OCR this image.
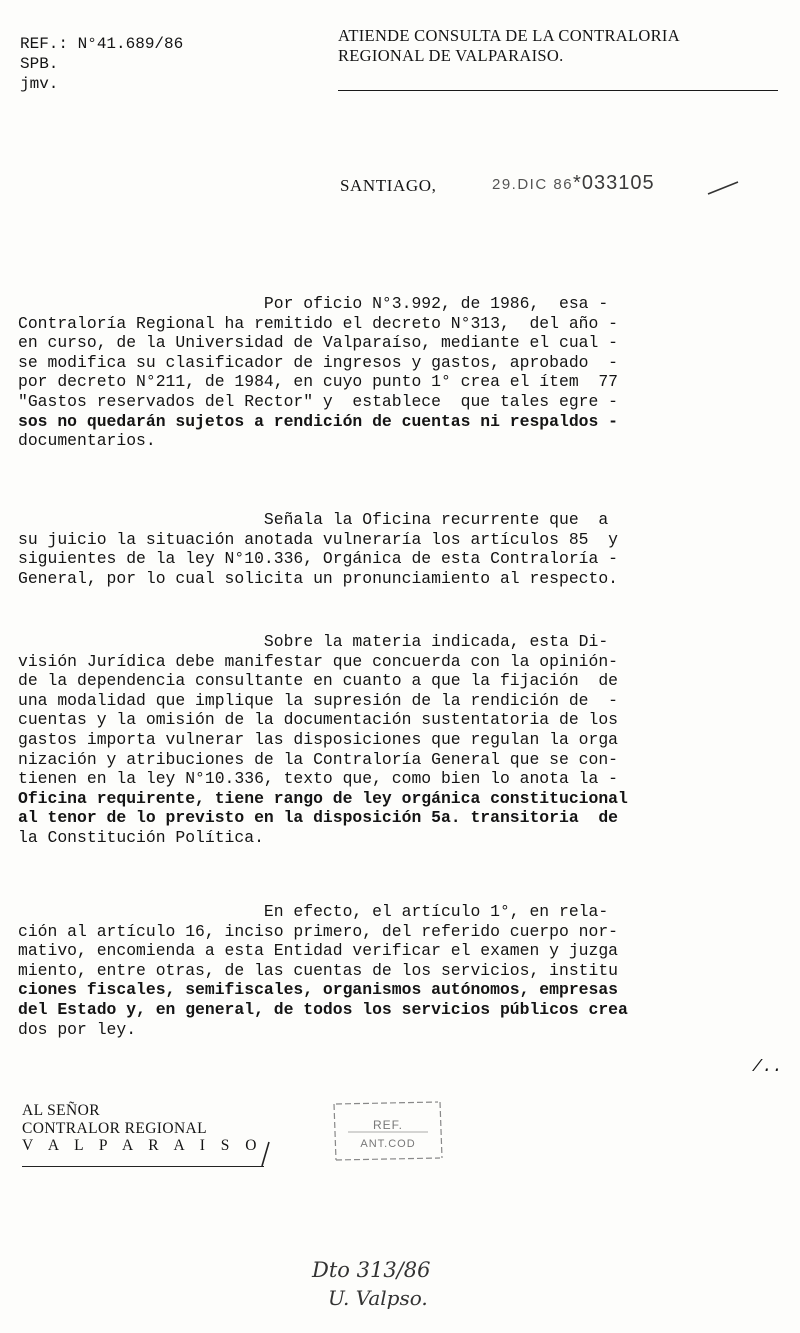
REF.: N°41.689/86
SPB.
jmv.
ATIENDE CONSULTA DE LA CONTRALORIA
REGIONAL DE VALPARAISO.
SANTIAGO,	29.DIC 86*033105
Por oficio N°3.992, de 1986,  esa -
Contraloría Regional ha remitido el decreto N°313,  del año -
en curso, de la Universidad de Valparaíso, mediante el cual -
se modifica su clasificador de ingresos y gastos, aprobado  -
por decreto N°211, de 1984, en cuyo punto 1° crea el ítem  77
"Gastos reservados del Rector" y  establece  que tales egre -
sos no quedarán sujetos a rendición de cuentas ni respaldos -
documentarios.
Señala la Oficina recurrente que  a
su juicio la situación anotada vulneraría los artículos 85  y
siguientes de la ley N°10.336, Orgánica de esta Contraloría -
General, por lo cual solicita un pronunciamiento al respecto.
Sobre la materia indicada, esta Di-
visión Jurídica debe manifestar que concuerda con la opinión-
de la dependencia consultante en cuanto a que la fijación  de
una modalidad que implique la supresión de la rendición de  -
cuentas y la omisión de la documentación sustentatoria de los
gastos importa vulnerar las disposiciones que regulan la orga
nización y atribuciones de la Contraloría General que se con-
tienen en la ley N°10.336, texto que, como bien lo anota la -
Oficina requirente, tiene rango de ley orgánica constitucional
al tenor de lo previsto en la disposición 5a. transitoria  de
la Constitución Política.
En efecto, el artículo 1°, en rela-
ción al artículo 16, inciso primero, del referido cuerpo nor-
mativo, encomienda a esta Entidad verificar el examen y juzga
miento, entre otras, de las cuentas de los servicios, institu
ciones fiscales, semifiscales, organismos autónomos, empresas
del Estado y, en general, de todos los servicios públicos crea
dos por ley.
/..
AL SEÑOR
CONTRALOR REGIONAL
V A L P A R A I S O
REF.
ANT.COD
Dto 313/86
U. Valpso.
